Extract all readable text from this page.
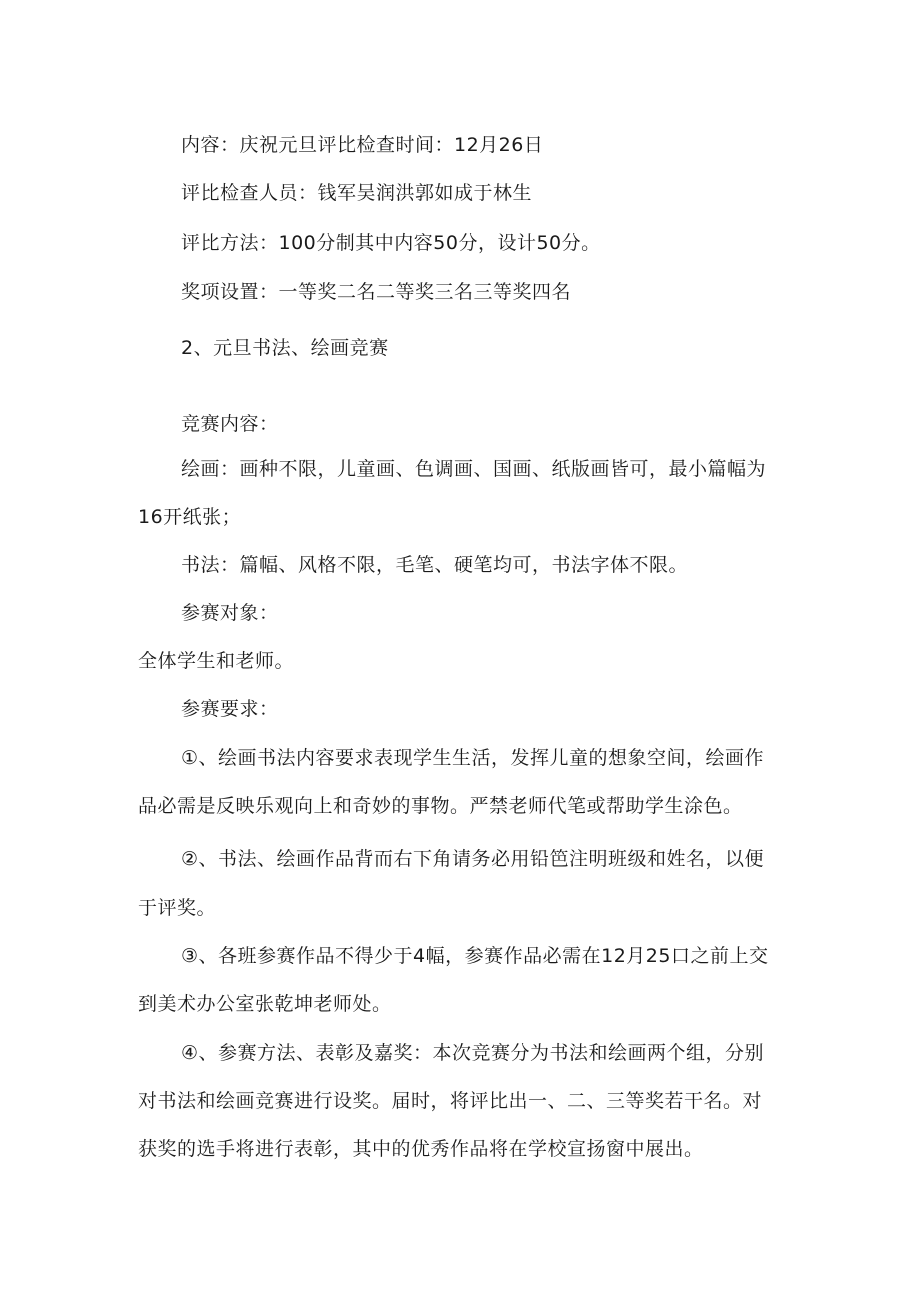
内容：庆祝元旦评比检查时间：12月26日
评比检查人员：钱军吴润洪郭如成于林生
评比方法：100分制其中内容50分，设计50分。
奖项设置：一等奖二名二等奖三名三等奖四名
2、元旦书法、绘画竞赛
竞赛内容：
绘画：画种不限，儿童画、色调画、国画、纸版画皆可，最小篇幅为
16开纸张；
书法：篇幅、风格不限，毛笔、硬笔均可，书法字体不限。
参赛对象：
全体学生和老师。
参赛要求：
①、绘画书法内容要求表现学生生活，发挥儿童的想象空间，绘画作
品必需是反映乐观向上和奇妙的事物。严禁老师代笔或帮助学生涂色。
②、书法、绘画作品背而右下角请务必用铅笆注明班级和姓名，以便
于评奖。
③、各班参赛作品不得少于4幅，参赛作品必需在12月25口之前上交
到美术办公室张乾坤老师处。
④、参赛方法、表彰及嘉奖：本次竞赛分为书法和绘画两个组，分别
对书法和绘画竞赛进行设奖。届时，将评比出一、二、三等奖若干名。对
获奖的选手将进行表彰，其中的优秀作品将在学校宣扬窗中展出。
